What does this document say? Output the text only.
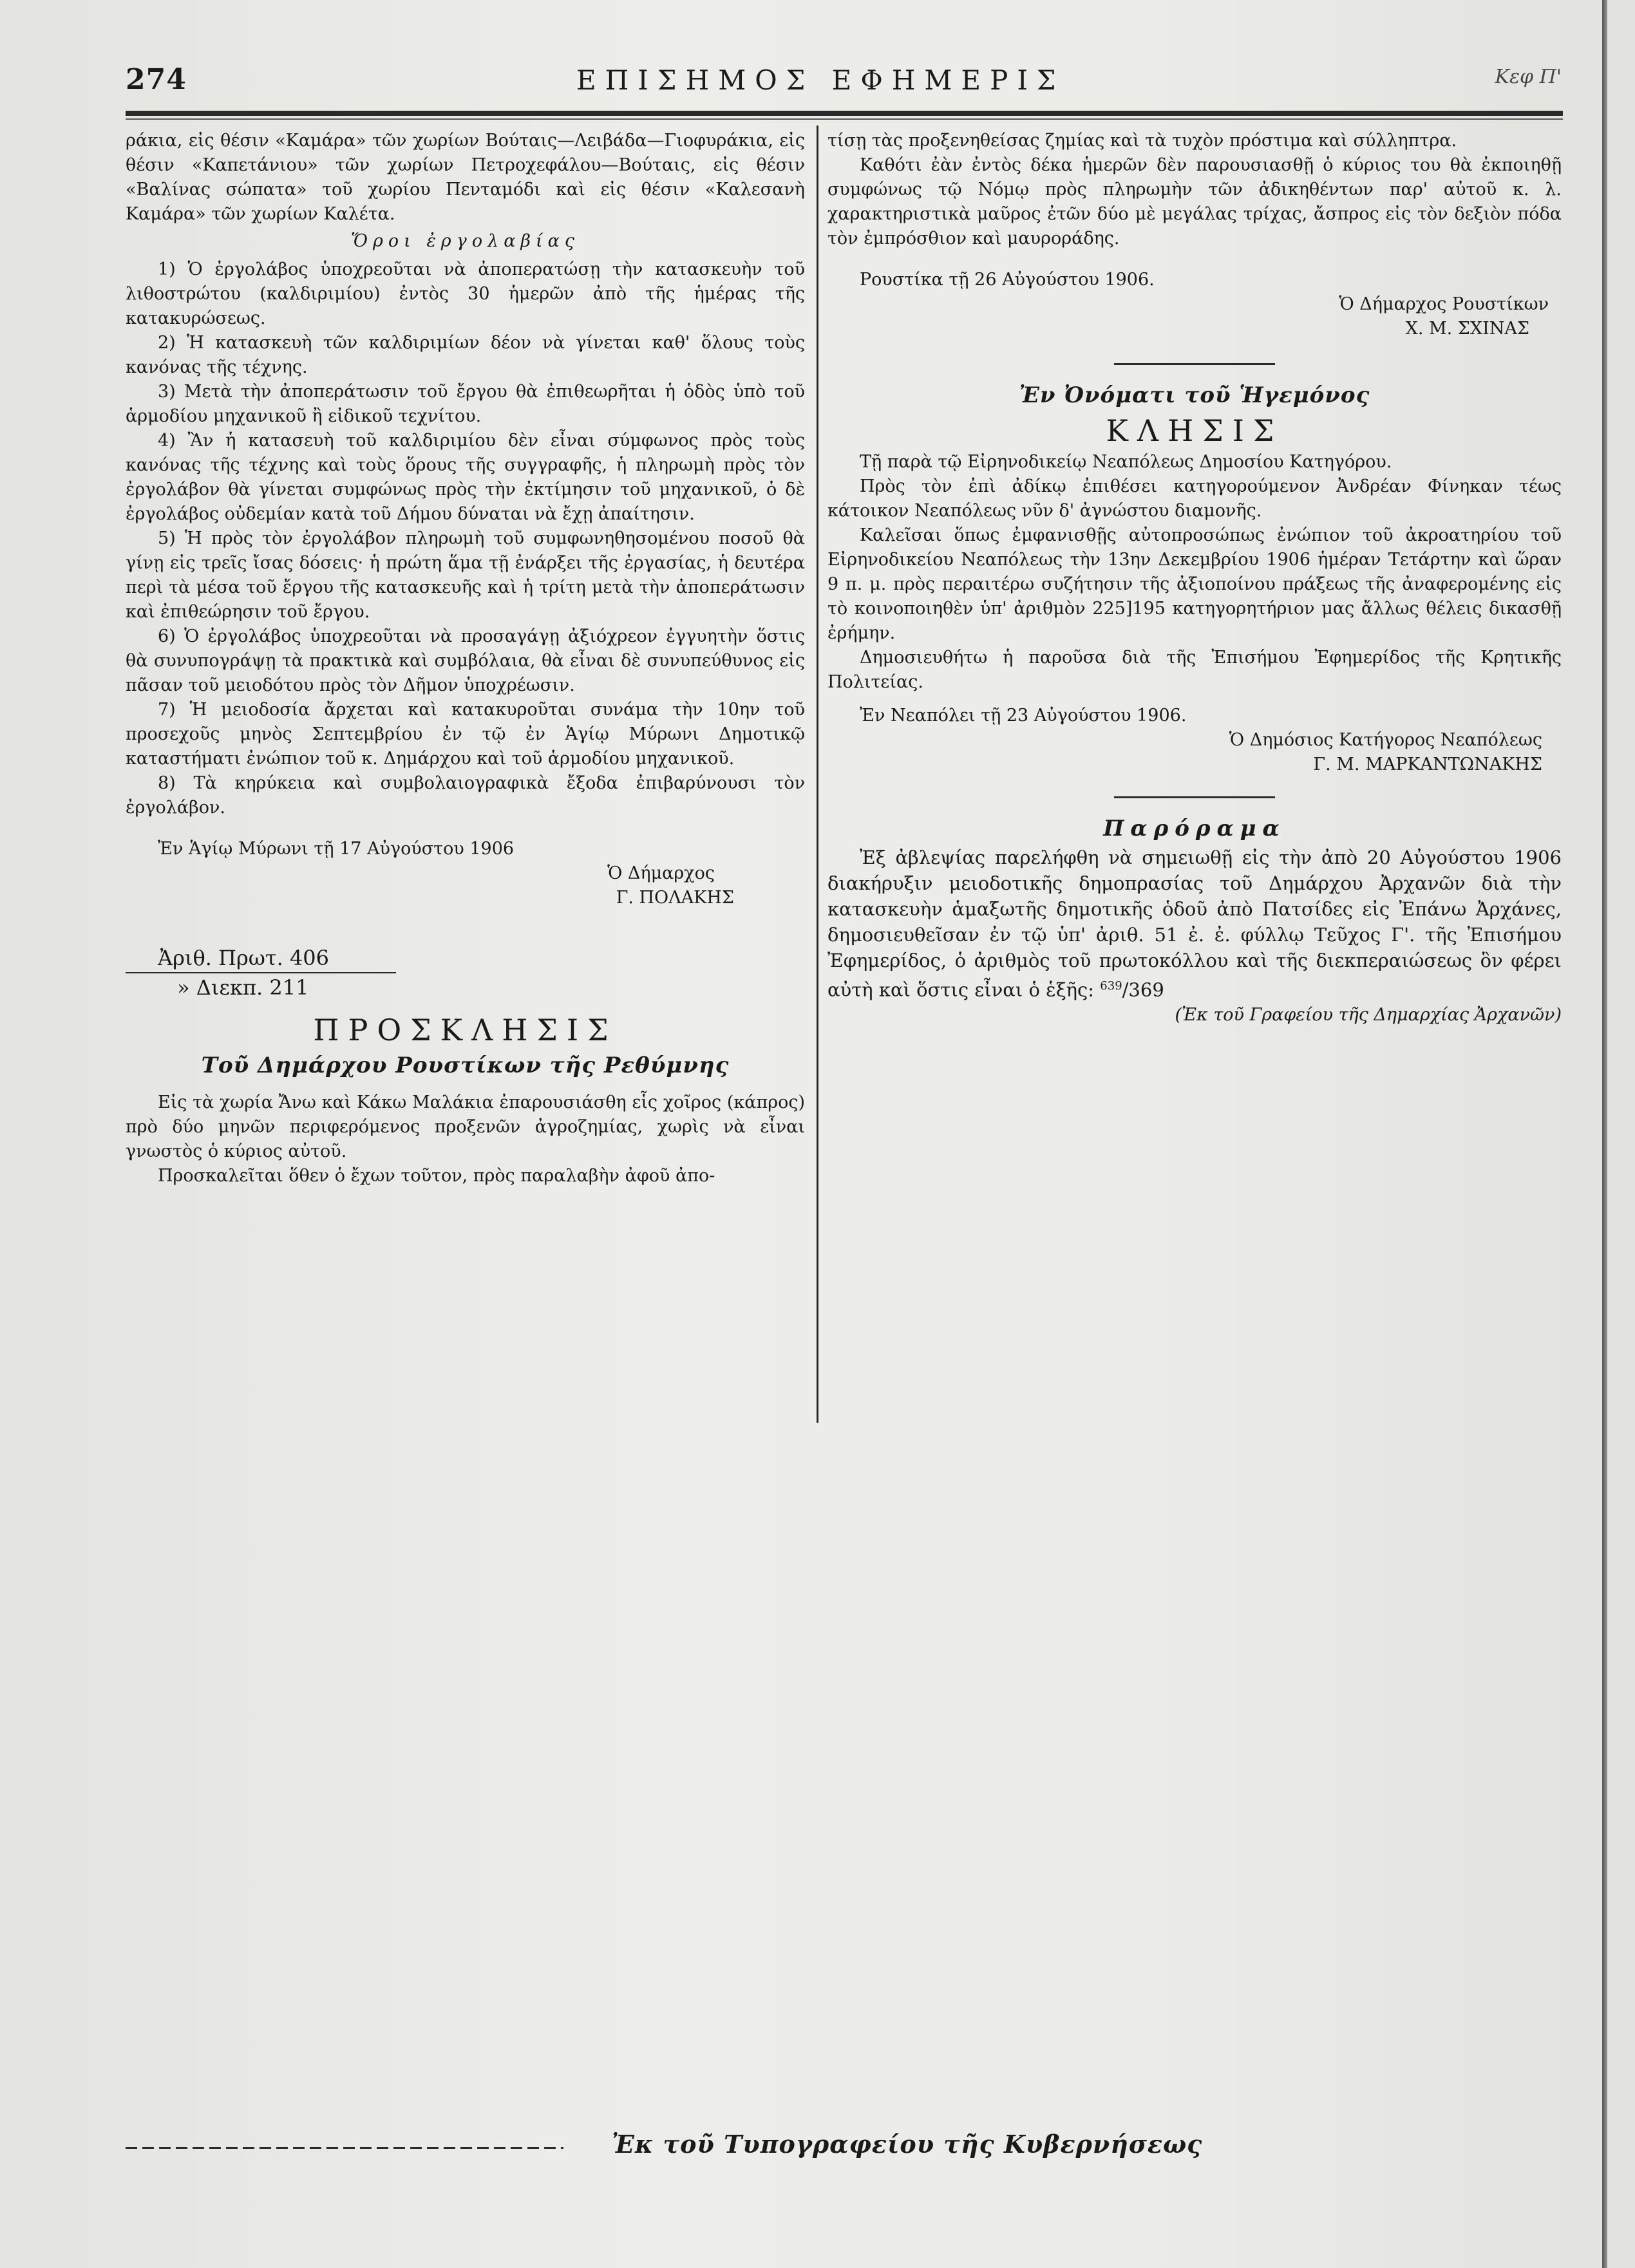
274	ΕΠΙΣΗΜΟΣ ΕΦΗΜΕΡΙΣ	Κεφ Π'

ράκια, εἰς θέσιν «Καμάρα» τῶν χωρίων Βούταις—Λειβάδα—Γιοφυράκια, εἰς θέσιν «Καπετάνιου» τῶν χωρίων Πετροχεφάλου—Βούταις, εἰς θέσιν «Βαλίνας σώπατα» τοῦ χωρίου Πενταμόδι καὶ εἰς θέσιν «Καλεσανὴ Καμάρα» τῶν χωρίων Καλέτα.

Ὅροι ἐργολαβίας

1) Ὁ ἐργολάβος ὑποχρεοῦται νὰ ἀποπερατώσῃ τὴν κατασκευὴν τοῦ λιθοστρώτου (καλδιριμίου) ἐντὸς 30 ἡμερῶν ἀπὸ τῆς ἡμέρας τῆς κατακυρώσεως.

2) Ἡ κατασκευὴ τῶν καλδιριμίων δέον νὰ γίνεται καθ' ὅλους τοὺς κανόνας τῆς τέχνης.

3) Μετὰ τὴν ἀποπεράτωσιν τοῦ ἔργου θὰ ἐπιθεωρῆται ἡ ὁδὸς ὑπὸ τοῦ ἁρμοδίου μηχανικοῦ ἢ εἰδικοῦ τεχνίτου.

4) Ἂν ἡ κατασευὴ τοῦ καλδιριμίου δὲν εἶναι σύμφωνος πρὸς τοὺς κανόνας τῆς τέχνης καὶ τοὺς ὅρους τῆς συγγραφῆς, ἡ πληρωμὴ πρὸς τὸν ἐργολάβον θὰ γίνεται συμφώνως πρὸς τὴν ἐκτίμησιν τοῦ μηχανικοῦ, ὁ δὲ ἐργολάβος οὐδεμίαν κατὰ τοῦ Δήμου δύναται νὰ ἔχῃ ἀπαίτησιν.

5) Ἡ πρὸς τὸν ἐργολάβον πληρωμὴ τοῦ συμφωνηθησομένου ποσοῦ θὰ γίνῃ εἰς τρεῖς ἴσας δόσεις· ἡ πρώτη ἅμα τῇ ἐνάρξει τῆς ἐργασίας, ἡ δευτέρα περὶ τὰ μέσα τοῦ ἔργου τῆς κατασκευῆς καὶ ἡ τρίτη μετὰ τὴν ἀποπεράτωσιν καὶ ἐπιθεώρησιν τοῦ ἔργου.

6) Ὁ ἐργολάβος ὑποχρεοῦται νὰ προσαγάγῃ ἀξιόχρεον ἐγγυητὴν ὅστις θὰ συνυπογράψῃ τὰ πρακτικὰ καὶ συμβόλαια, θὰ εἶναι δὲ συνυπεύθυνος εἰς πᾶσαν τοῦ μειοδότου πρὸς τὸν Δῆμον ὑποχρέωσιν.

7) Ἡ μειοδοσία ἄρχεται καὶ κατακυροῦται συνάμα τὴν 10ην τοῦ προσεχοῦς μηνὸς Σεπτεμβρίου ἐν τῷ ἐν Ἁγίῳ Μύρωνι Δημοτικῷ καταστήματι ἐνώπιον τοῦ κ. Δημάρχου καὶ τοῦ ἁρμοδίου μηχανικοῦ.

8) Τὰ κηρύκεια καὶ συμβολαιογραφικὰ ἔξοδα ἐπιβαρύνουσι τὸν ἐργολάβον.

Ἐν Ἁγίῳ Μύρωνι τῇ 17 Αὐγούστου 1906

Ὁ Δήμαρχος

Γ. ΠΟΛΑΚΗΣ

Ἀριθ. Πρωτ. 406

» Διεκπ. 211

ΠΡΟΣΚΛΗΣΙΣ

Τοῦ Δημάρχου Ρουστίκων τῆς Ρεθύμνης

Εἰς τὰ χωρία Ἄνω καὶ Κάκω Μαλάκια ἐπαρουσιάσθη εἷς χοῖρος (κάπρος) πρὸ δύο μηνῶν περιφερόμενος προξενῶν ἀγροζημίας, χωρὶς νὰ εἶναι γνωστὸς ὁ κύριος αὐτοῦ.

Προσκαλεῖται ὅθεν ὁ ἔχων τοῦτον, πρὸς παραλαβὴν ἀφοῦ ἀπο-

τίσῃ τὰς προξενηθείσας ζημίας καὶ τὰ τυχὸν πρόστιμα καὶ σύλληπτρα.

Καθότι ἐὰν ἐντὸς δέκα ἡμερῶν δὲν παρουσιασθῇ ὁ κύριος του θὰ ἐκποιηθῇ συμφώνως τῷ Νόμῳ πρὸς πληρωμὴν τῶν ἀδικηθέντων παρ' αὐτοῦ κ. λ. χαρακτηριστικὰ μαῦρος ἐτῶν δύο μὲ μεγάλας τρίχας, ἄσπρος εἰς τὸν δεξιὸν πόδα τὸν ἐμπρόσθιον καὶ μαυροράδης.

Ρουστίκα τῇ 26 Αὐγούστου 1906.

Ὁ Δήμαρχος Ρουστίκων

Χ. Μ. ΣΧΙΝΑΣ

Ἐν Ὀνόματι τοῦ Ἡγεμόνος

ΚΛΗΣΙΣ

Τῇ παρὰ τῷ Εἰρηνοδικείῳ Νεαπόλεως Δημοσίου Κατηγόρου.

Πρὸς τὸν ἐπὶ ἀδίκῳ ἐπιθέσει κατηγορούμενον Ἀνδρέαν Φίνηκαν τέως κάτοικον Νεαπόλεως νῦν δ' ἀγνώστου διαμονῆς.

Καλεῖσαι ὅπως ἐμφανισθῇς αὐτοπροσώπως ἐνώπιον τοῦ ἀκροατηρίου τοῦ Εἰρηνοδικείου Νεαπόλεως τὴν 13ην Δεκεμβρίου 1906 ἡμέραν Τετάρτην καὶ ὥραν 9 π. μ. πρὸς περαιτέρω συζήτησιν τῆς ἀξιοποίνου πράξεως τῆς ἀναφερομένης εἰς τὸ κοινοποιηθὲν ὑπ' ἀριθμὸν 225]195 κατηγορητήριον μας ἄλλως θέλεις δικασθῇ ἐρήμην.

Δημοσιευθήτω ἡ παροῦσα διὰ τῆς Ἐπισήμου Ἐφημερίδος τῆς Κρητικῆς Πολιτείας.

Ἐν Νεαπόλει τῇ 23 Αὐγούστου 1906.

Ὁ Δημόσιος Κατήγορος Νεαπόλεως

Γ. Μ. ΜΑΡΚΑΝΤΩΝΑΚΗΣ

Παρόραμα

Ἐξ ἀβλεψίας παρελήφθη νὰ σημειωθῇ εἰς τὴν ἀπὸ 20 Αὐγούστου 1906 διακήρυξιν μειοδοτικῆς δημοπρασίας τοῦ Δημάρχου Ἀρχανῶν διὰ τὴν κατασκευὴν ἁμαξωτῆς δημοτικῆς ὁδοῦ ἀπὸ Πατσίδες εἰς Ἐπάνω Ἀρχάνες, δημοσιευθεῖσαν ἐν τῷ ὑπ' ἀριθ. 51 ἐ. ἐ. φύλλῳ Τεῦχος Γ'. τῆς Ἐπισήμου Ἐφημερίδος, ὁ ἀριθμὸς τοῦ πρωτοκόλλου καὶ τῆς διεκπεραιώσεως ὃν φέρει αὐτὴ καὶ ὅστις εἶναι ὁ ἑξῆς: $^{639}$/369

(Ἐκ τοῦ Γραφείου τῆς Δημαρχίας Ἀρχανῶν)

Ἐκ τοῦ Τυπογραφείου τῆς Κυβερνήσεως
